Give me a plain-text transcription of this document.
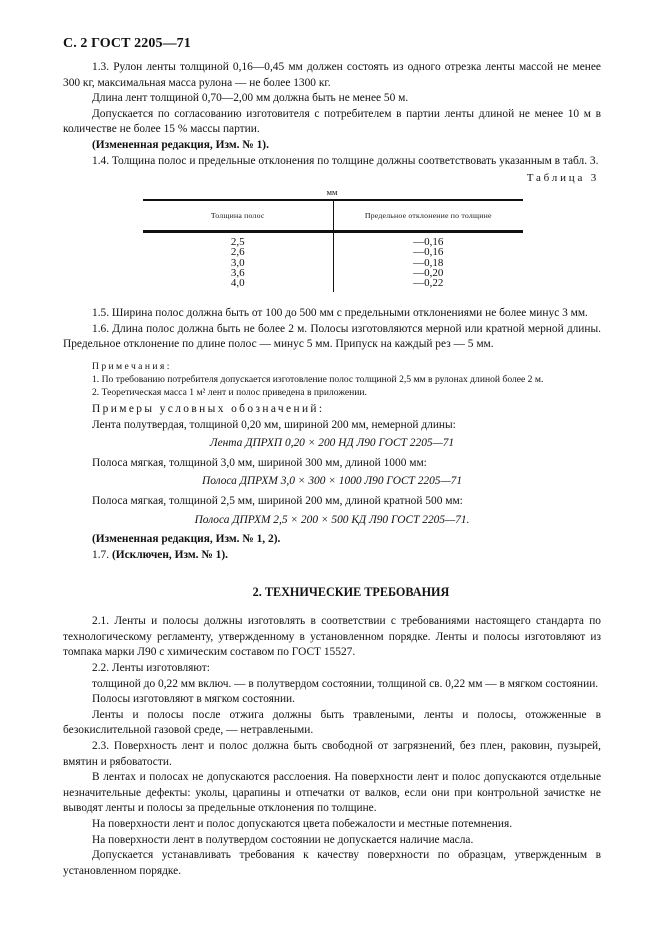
С. 2 ГОСТ 2205—71

1.3. Рулон ленты толщиной 0,16—0,45 мм должен состоять из одного отрезка ленты массой не менее 300 кг, максимальная масса рулона — не более 1300 кг.

Длина лент толщиной 0,70—2,00 мм должна быть не менее 50 м.

Допускается по согласованию изготовителя с потребителем в партии ленты длиной не менее 10 м в количестве не более 15 % массы партии.

(Измененная редакция, Изм. № 1).

1.4. Толщина полос и предельные отклонения по толщине должны соответствовать указанным в табл. 3.

Таблица 3
мм
Толщина полос	Предельное отклонение по толщине
2,5	—0,16
2,6	—0,16
3,0	—0,18
3,6	—0,20
4,0	—0,22

1.5. Ширина полос должна быть от 100 до 500 мм с предельными отклонениями не более минус 3 мм.

1.6. Длина полос должна быть не более 2 м. Полосы изготовляются мерной или кратной мерной длины. Предельное отклонение по длине полос — минус 5 мм. Припуск на каждый рез — 5 мм.

Примечания:

1. По требованию потребителя допускается изготовление полос толщиной 2,5 мм в рулонах длиной более 2 м.

2. Теоретическая масса 1 м² лент и полос приведена в приложении.

Примеры условных обозначений:

Лента полутвердая, толщиной 0,20 мм, шириной 200 мм, немерной длины:

Лента ДПРХП 0,20 × 200 НД Л90 ГОСТ 2205—71

Полоса мягкая, толщиной 3,0 мм, шириной 300 мм, длиной 1000 мм:

Полоса ДПРХМ 3,0 × 300 × 1000 Л90 ГОСТ 2205—71

Полоса мягкая, толщиной 2,5 мм, шириной 200 мм, длиной кратной 500 мм:

Полоса ДПРХМ 2,5 × 200 × 500 КД Л90 ГОСТ 2205—71.

(Измененная редакция, Изм. № 1, 2).

1.7. (Исключен, Изм. № 1).

2. ТЕХНИЧЕСКИЕ ТРЕБОВАНИЯ

2.1. Ленты и полосы должны изготовлять в соответствии с требованиями настоящего стандарта по технологическому регламенту, утвержденному в установленном порядке. Ленты и полосы изготовляют из томпака марки Л90 с химическим составом по ГОСТ 15527.

2.2. Ленты изготовляют:

толщиной до 0,22 мм включ. — в полутвердом состоянии, толщиной св. 0,22 мм — в мягком состоянии.

Полосы изготовляют в мягком состоянии.

Ленты и полосы после отжига должны быть травлеными, ленты и полосы, отожженные в безокислительной газовой среде, — нетравлеными.

2.3. Поверхность лент и полос должна быть свободной от загрязнений, без плен, раковин, пузырей, вмятин и рябоватости.

В лентах и полосах не допускаются расслоения. На поверхности лент и полос допускаются отдельные незначительные дефекты: уколы, царапины и отпечатки от валков, если они при контрольной зачистке не выводят ленты и полосы за предельные отклонения по толщине.

На поверхности лент и полос допускаются цвета побежалости и местные потемнения.

На поверхности лент в полутвердом состоянии не допускается наличие масла.

Допускается устанавливать требования к качеству поверхности по образцам, утвержденным в установленном порядке.
